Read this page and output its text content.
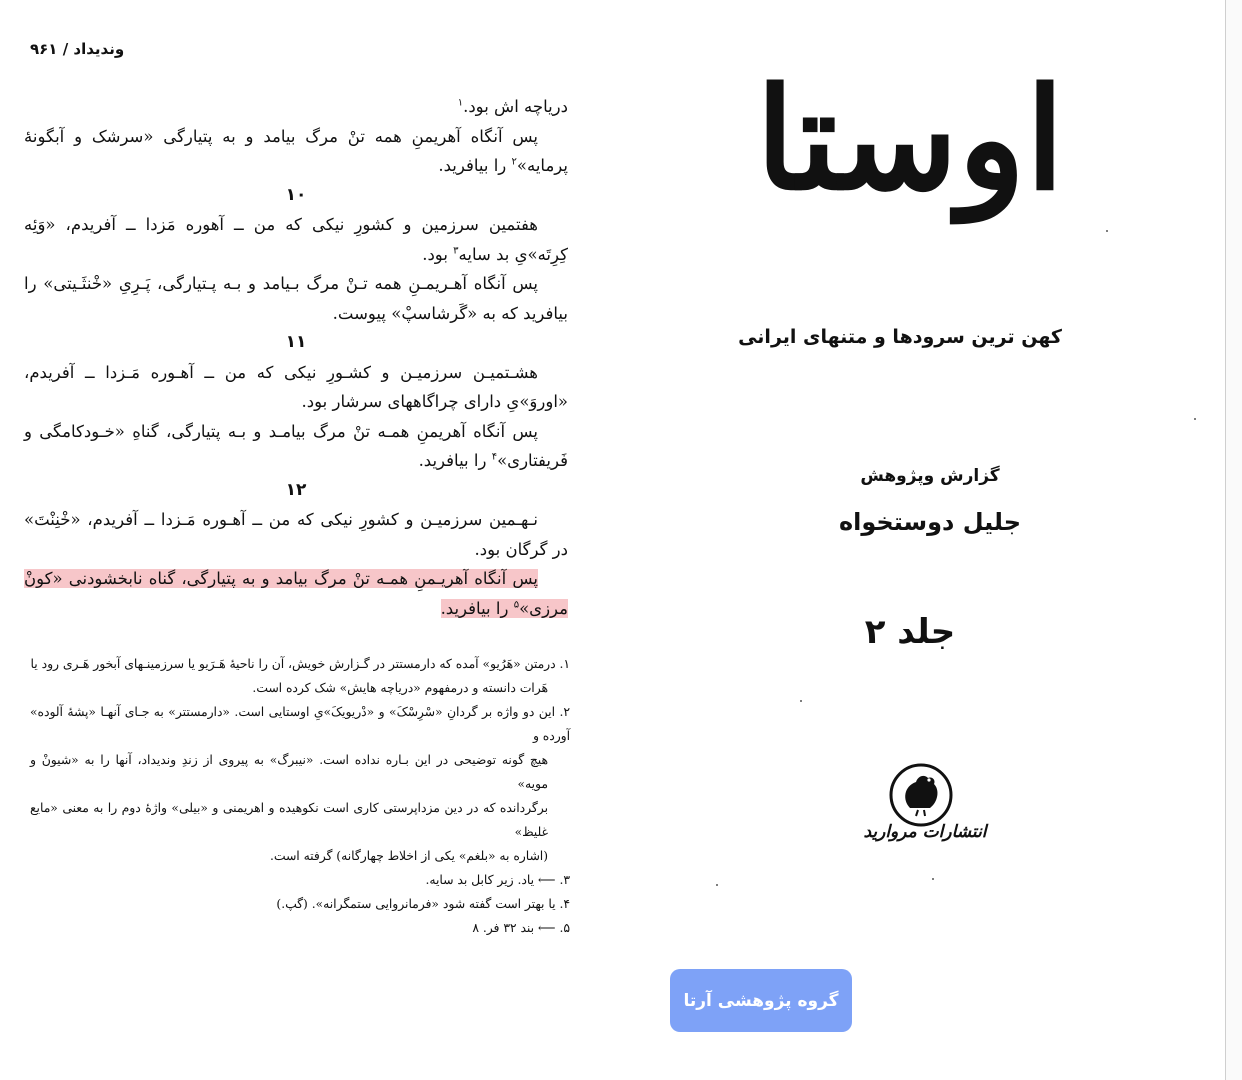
وندیداد / ۹۶۱

دریاچه اش بود.$^۱$

پس آنگاه آهریمنِ همه تنْ مرگ بیامد و به پتیارگی «سرشک و آبگونهٔ پرمایه»$^۲$ را بیافرید.

۱۰

هفتمین سرزمین و کشورِ نیکی که من ــ آهوره مَزدا ــ آفریدم، «وَئِه کِرِتَه»یِ بد سایه$^۳$ بود.

پس آنگاه آهـریمـنِ همه تـنْ مرگ بـیامد و بـه پـتیارگی، پَـرِیِ «خْنثَـیتی» را بیافرید که به «گَرشاسپْ» پیوست.

۱۱

هشـتمیـن سرزمیـن و کشـورِ نیکی که من ــ آهـوره مَـزدا ــ آفریدم، «اوروَ»یِ دارای چراگاههای سرشار بود.

پس آنگاه آهریمنِ همـه تنْ مرگ بیامـد و بـه پتیارگی، گناهِ «خـودکامگی و فَریفتاری»$^۴$ را بیافرید.

۱۲

نـهـمین سرزمیـن و کشورِ نیکی که من ــ آهـوره مَـزدا ــ آفریدم، «خْنِنْتَ» در گرگان بود.

پس آنگاه آهریـمنِ همـه تنْ مرگ بیامد و به پتیارگی، گناه نابخشودنی «کونْ مرزی»$^۵$ را بیافرید.

۱. درمتن «هَرُیو» آمده که دارمستتر در گـزارش خویش، آن را ناحیهٔ هَـرَیو یا سرزمینـهای آبخور هَـری رود یا

هَرات دانسته و درمفهوم «دریاچه هایش» شک کرده است.

۲. این دو واژه بر گردانِ «سْرِسْکَ» و «دْریویکَ»یِ اوستایی است. «دارمستتر» به جـای آنهـا «پشهٔ آلوده» آورده و

هیچ گونه توضیحی در این بـاره نداده است. «نیبرگ» به پیروی از زندِ وندیداد، آنها را به «شیونْ و مویه»

برگردانده که در دین مزداپرستی کاری است نکوهیده و اهریمنی و «بیلی» واژهٔ دوم را به معنی «مایع غلیظ»

(اشاره به «بلغم» یکی از اخلاط چهارگانه) گرفته است.

۳. ⟵ یاد. زیر کابل بد سایه.

۴. یا بهتر است گفته شود «فرمانروایی ستمگرانه». (گپ.)

۵. ⟵ بند ۳۲ فر. ۸

اوستا
کهن ترین سرودها و متنهای ایرانی
گزارش وپژوهش
جلیل دوستخواه
جلد ۲
انتشارات مروارید
گروه پژوهشی آرتا
